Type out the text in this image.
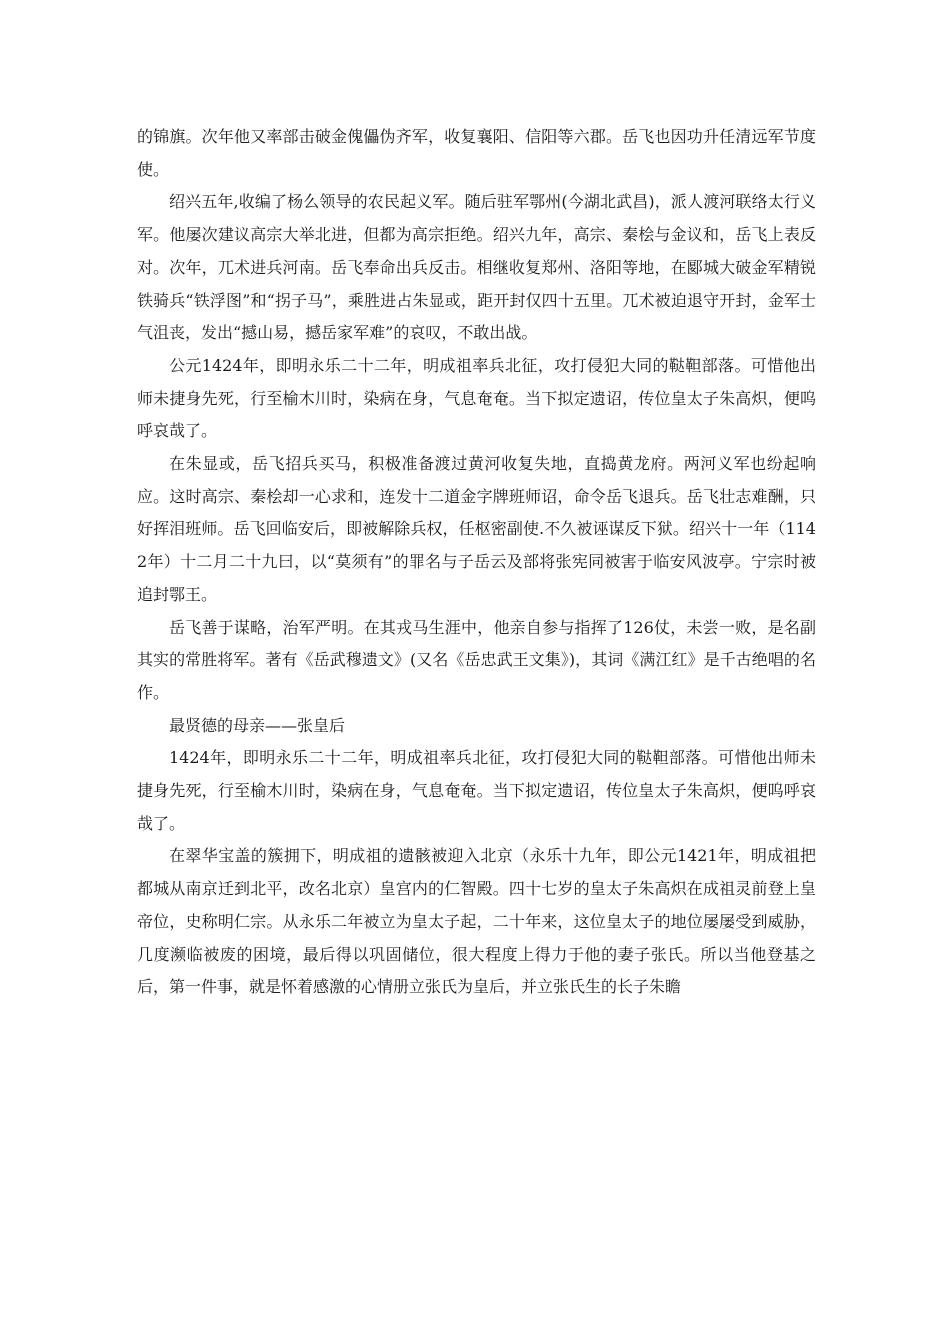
的锦旗。次年他又率部击破金傀儡伪齐军，收复襄阳、信阳等六郡。岳飞也因功升任清远军节度使。

绍兴五年,收编了杨么领导的农民起义军。随后驻军鄂州(今湖北武昌)，派人渡河联络太行义军。他屡次建议高宗大举北进，但都为高宗拒绝。绍兴九年，高宗、秦桧与金议和，岳飞上表反对。次年，兀术进兵河南。岳飞奉命出兵反击。相继收复郑州、洛阳等地，在郾城大破金军精锐铁骑兵“铁浮图”和“拐子马”，乘胜进占朱显或，距开封仅四十五里。兀术被迫退守开封，金军士气沮丧，发出“撼山易，撼岳家军难”的哀叹，不敢出战。

公元1424年，即明永乐二十二年，明成祖率兵北征，攻打侵犯大同的鞑靼部落。可惜他出师未捷身先死，行至榆木川时，染病在身，气息奄奄。当下拟定遗诏，传位皇太子朱高炽，便呜呼哀哉了。

在朱显或，岳飞招兵买马，积极准备渡过黄河收复失地，直捣黄龙府。两河义军也纷起响应。这时高宗、秦桧却一心求和，连发十二道金字牌班师诏，命令岳飞退兵。岳飞壮志难酬，只好挥泪班师。岳飞回临安后，即被解除兵权，任枢密副使.不久被诬谋反下狱。绍兴十一年（1142年）十二月二十九曰，以“莫须有”的罪名与子岳云及部将张宪同被害于临安风波亭。宁宗时被追封鄂王。

岳飞善于谋略，治军严明。在其戎马生涯中，他亲自参与指挥了126仗，未尝一败，是名副其实的常胜将军。著有《岳武穆遗文》(又名《岳忠武王文集》)，其词《满江红》是千古绝唱的名作。

最贤德的母亲——张皇后

1424年，即明永乐二十二年，明成祖率兵北征，攻打侵犯大同的鞑靼部落。可惜他出师未捷身先死，行至榆木川时，染病在身，气息奄奄。当下拟定遗诏，传位皇太子朱高炽，便呜呼哀哉了。

在翠华宝盖的簇拥下，明成祖的遗骸被迎入北京（永乐十九年，即公元1421年，明成祖把都城从南京迁到北平，改名北京）皇宫内的仁智殿。四十七岁的皇太子朱高炽在成祖灵前登上皇帝位，史称明仁宗。从永乐二年被立为皇太子起，二十年来，这位皇太子的地位屡屡受到威胁，几度濒临被废的困境，最后得以巩固储位，很大程度上得力于他的妻子张氏。所以当他登基之后，第一件事，就是怀着感激的心情册立张氏为皇后，并立张氏生的长子朱瞻
